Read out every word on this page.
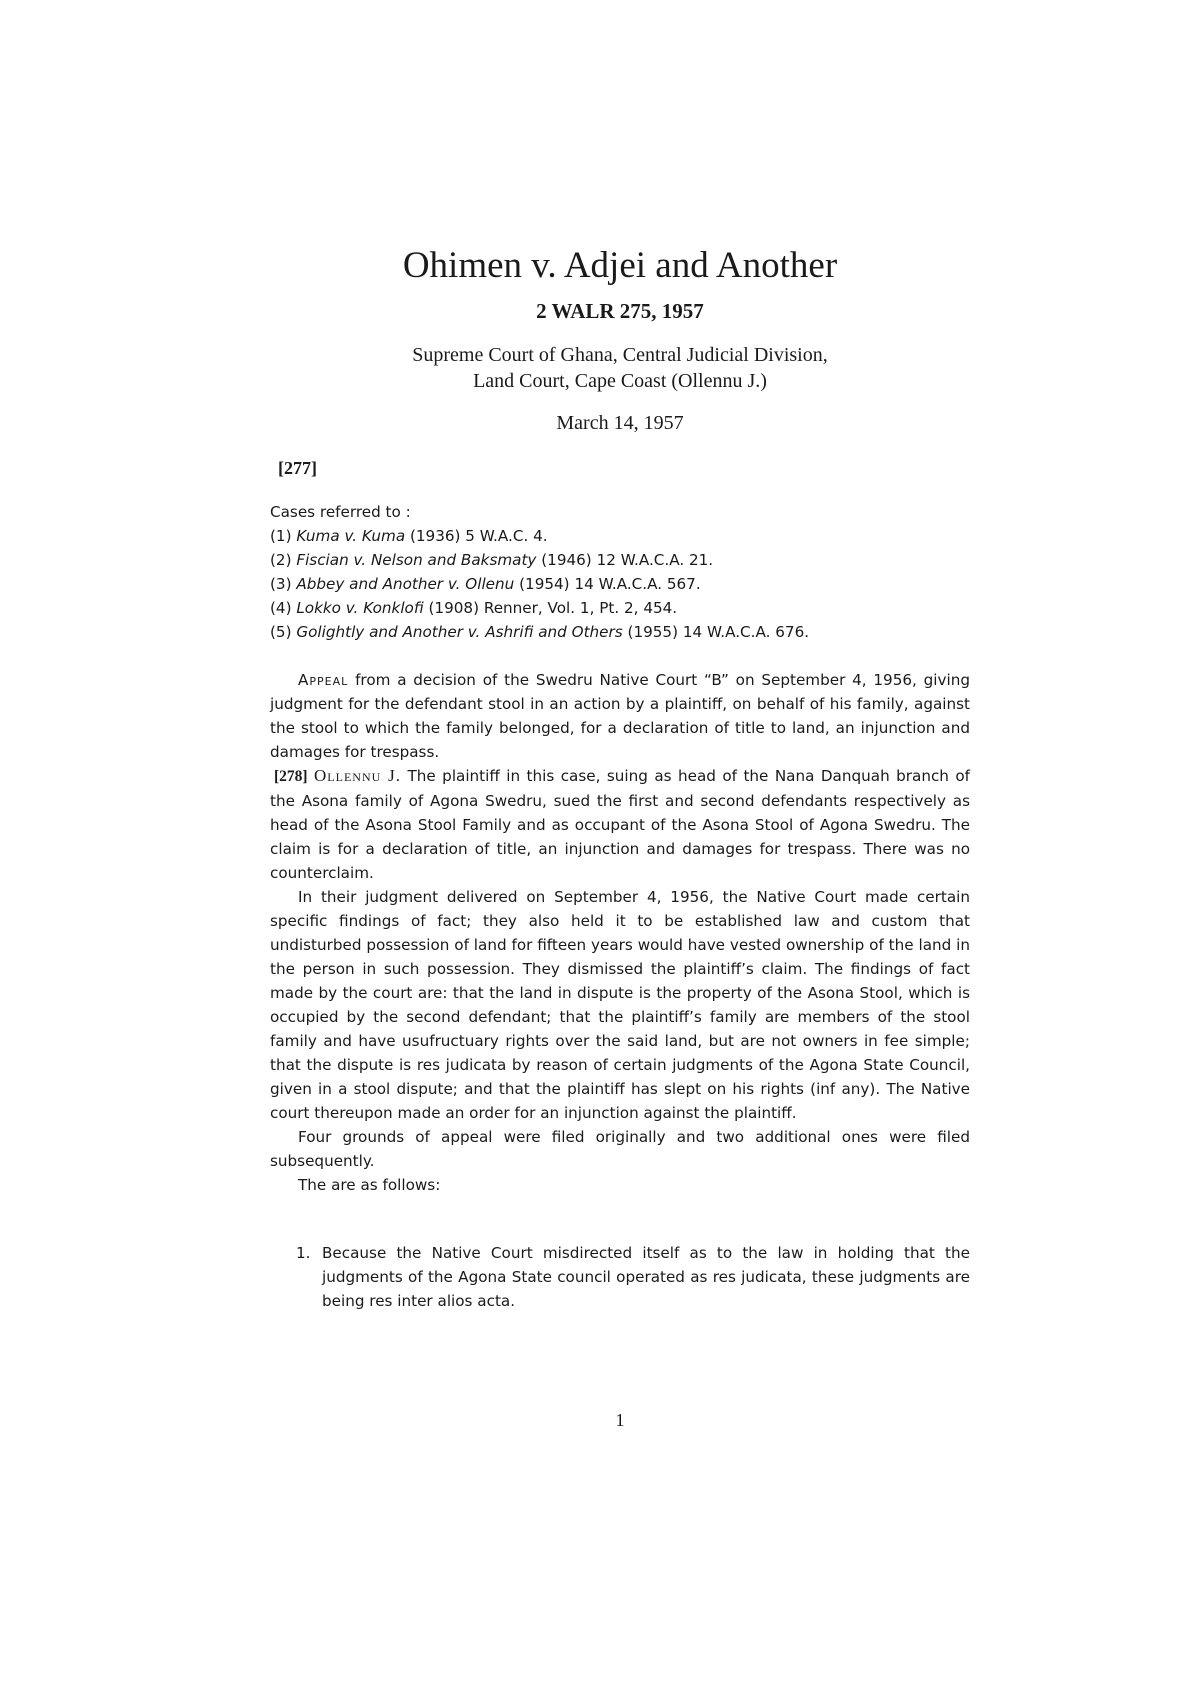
Ohimen v. Adjei and Another
2 WALR 275, 1957
Supreme Court of Ghana, Central Judicial Division,
Land Court, Cape Coast (Ollennu J.)
March 14, 1957
[277]
Cases referred to :
(1) Kuma v. Kuma (1936) 5 W.A.C. 4.
(2) Fiscian v. Nelson and Baksmaty (1946) 12 W.A.C.A. 21.
(3) Abbey and Another v. Ollenu (1954) 14 W.A.C.A. 567.
(4) Lokko v. Konklofi (1908) Renner, Vol. 1, Pt. 2, 454.
(5) Golightly and Another v. Ashrifi and Others (1955) 14 W.A.C.A. 676.

Appeal from a decision of the Swedru Native Court “B” on September 4, 1956, giving judgment for the defendant stool in an action by a plaintiff, on behalf of his family, against the stool to which the family belonged, for a declaration of title to land, an injunction and damages for trespass.

[278] Ollennu J. The plaintiff in this case, suing as head of the Nana Danquah branch of the Asona family of Agona Swedru, sued the first and second defendants respectively as head of the Asona Stool Family and as occupant of the Asona Stool of Agona Swedru. The claim is for a declaration of title, an injunction and damages for trespass. There was no counterclaim.

In their judgment delivered on September 4, 1956, the Native Court made certain specific findings of fact; they also held it to be established law and custom that undisturbed possession of land for fifteen years would have vested ownership of the land in the person in such possession. They dismissed the plaintiff’s claim. The findings of fact made by the court are: that the land in dispute is the property of the Asona Stool, which is occupied by the second defendant; that the plaintiff’s family are members of the stool family and have usufructuary rights over the said land, but are not owners in fee simple; that the dispute is res judicata by reason of certain judgments of the Agona State Council, given in a stool dispute; and that the plaintiff has slept on his rights (inf any). The Native court thereupon made an order for an injunction against the plaintiff.

Four grounds of appeal were filed originally and two additional ones were filed subsequently.

The are as follows:

1. Because the Native Court misdirected itself as to the law in holding that the judgments of the Agona State council operated as res judicata, these judgments are being res inter alios acta.
1
